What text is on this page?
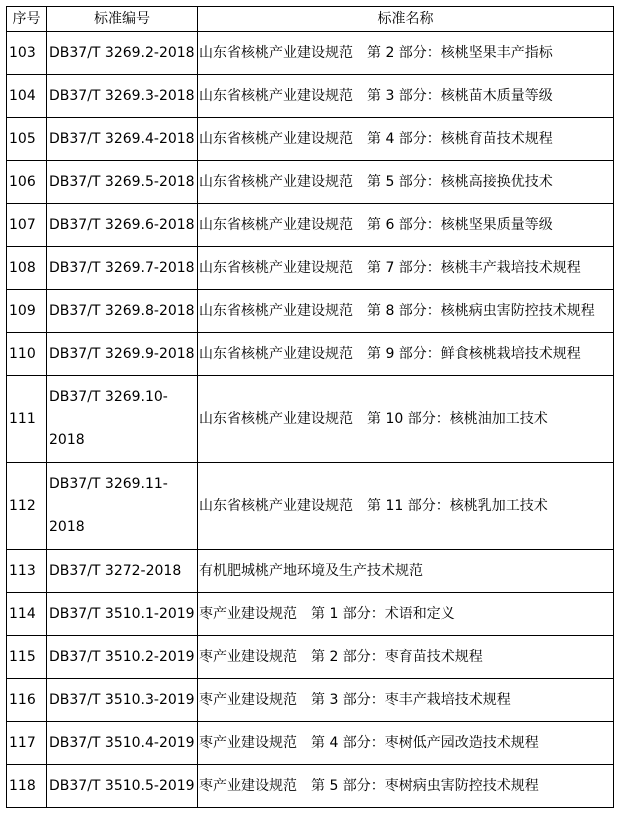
序号	标准编号	标准名称
103	DB37/T 3269.2-2018	山东省核桃产业建设规范　第 2 部分：核桃坚果丰产指标
104	DB37/T 3269.3-2018	山东省核桃产业建设规范　第 3 部分：核桃苗木质量等级
105	DB37/T 3269.4-2018	山东省核桃产业建设规范　第 4 部分：核桃育苗技术规程
106	DB37/T 3269.5-2018	山东省核桃产业建设规范　第 5 部分：核桃高接换优技术
107	DB37/T 3269.6-2018	山东省核桃产业建设规范　第 6 部分：核桃坚果质量等级
108	DB37/T 3269.7-2018	山东省核桃产业建设规范　第 7 部分：核桃丰产栽培技术规程
109	DB37/T 3269.8-2018	山东省核桃产业建设规范　第 8 部分：核桃病虫害防控技术规程
110	DB37/T 3269.9-2018	山东省核桃产业建设规范　第 9 部分：鲜食核桃栽培技术规程
111	DB37/T 3269.10-2018	山东省核桃产业建设规范　第 10 部分：核桃油加工技术
112	DB37/T 3269.11-2018	山东省核桃产业建设规范　第 11 部分：核桃乳加工技术
113	DB37/T 3272-2018	有机肥城桃产地环境及生产技术规范
114	DB37/T 3510.1-2019	枣产业建设规范　第 1 部分：术语和定义
115	DB37/T 3510.2-2019	枣产业建设规范　第 2 部分：枣育苗技术规程
116	DB37/T 3510.3-2019	枣产业建设规范　第 3 部分：枣丰产栽培技术规程
117	DB37/T 3510.4-2019	枣产业建设规范　第 4 部分：枣树低产园改造技术规程
118	DB37/T 3510.5-2019	枣产业建设规范　第 5 部分：枣树病虫害防控技术规程
